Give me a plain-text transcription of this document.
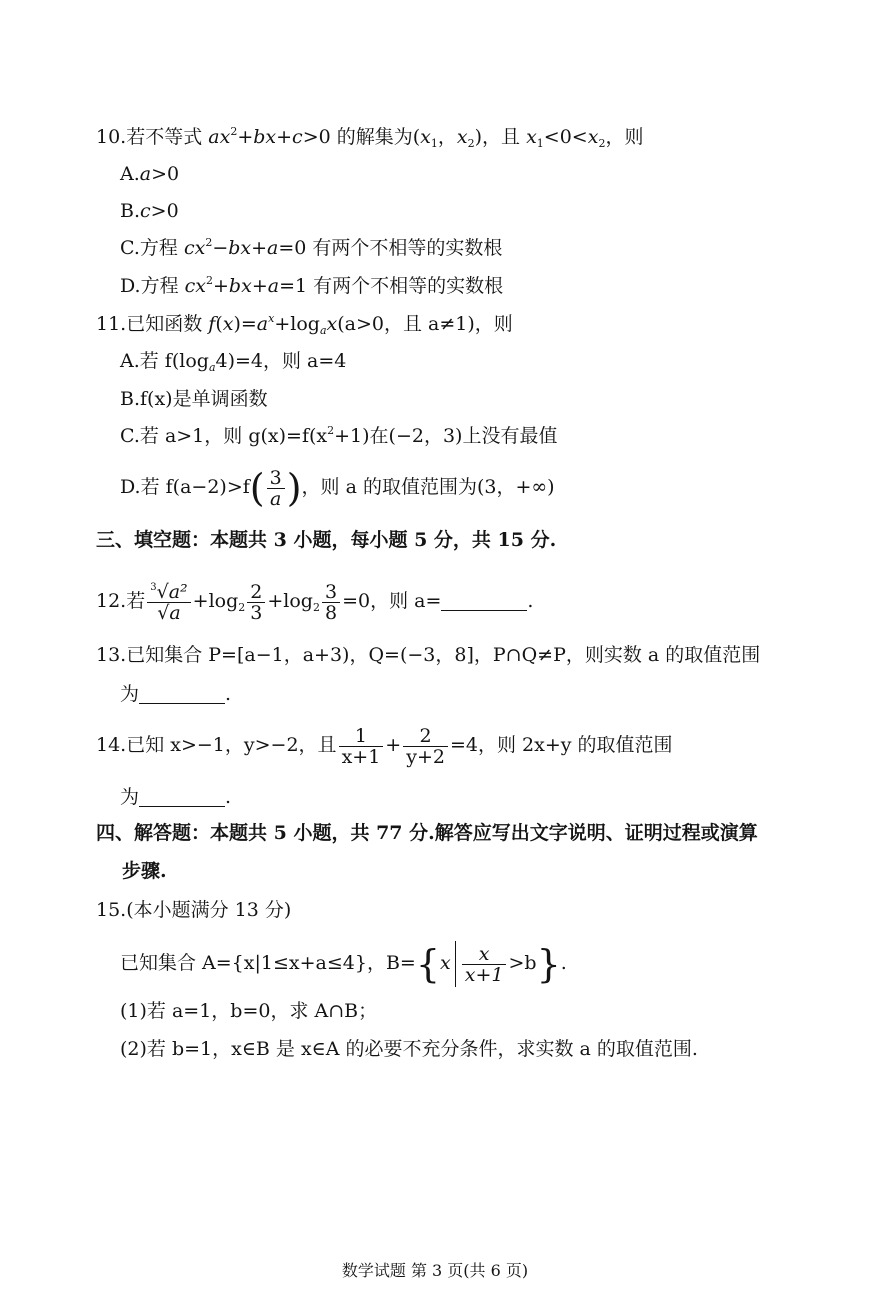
10.若不等式 $ax^2+bx+c>0$ 的解集为($x_1$，$x_2$)，且 $x_1<0<x_2$，则
A.a>0
B.c>0
C.方程 $cx^2-bx+a=0$ 有两个不相等的实数根
D.方程 $cx^2+bx+a=1$ 有两个不相等的实数根
11.已知函数 $f(x)=a^x+\log_ax(a>0$，且 a≠1)，则
A.若 $f(\log_a4)=4$，则 a=4
B.f(x)是单调函数
C.若 a>1，则 $g(x)=f(x^2+1)$在(−2，3)上没有最值
D.若 $f(a-2)>f( \frac{3}{a}$ )，则 a 的取值范围为(3，+∞)
三、填空题：本题共 3 小题，每小题 5 分，共 15 分.
12.若 $\frac{^3√a^2}{√a} +\log_2 \frac{2}{3} +\log_2 \frac{3}{8} =0$，则 a=	.
13.已知集合 P=[a−1，a+3)，Q=(−3，8]，P∩Q≠P，则实数 a 的取值范围
为	.
14.已知 x>−1，y>−2，且 $\frac{1}{x+1} + \frac{2}{y+2} =4$，则 2x+y 的取值范围
为	.
四、解答题：本题共 5 小题，共 77 分.解答应写出文字说明、证明过程或演算
步骤.
15.(本小题满分 13 分)
已知集合 A={x|1≤x+a≤4}，$B=\{x \frac{x}{x+1} >b\}$.
(1)若 a=1，b=0，求 A∩B；
(2)若 b=1，x∈B 是 x∈A 的必要不充分条件，求实数 a 的取值范围.
数学试题 第 3 页(共 6 页)
